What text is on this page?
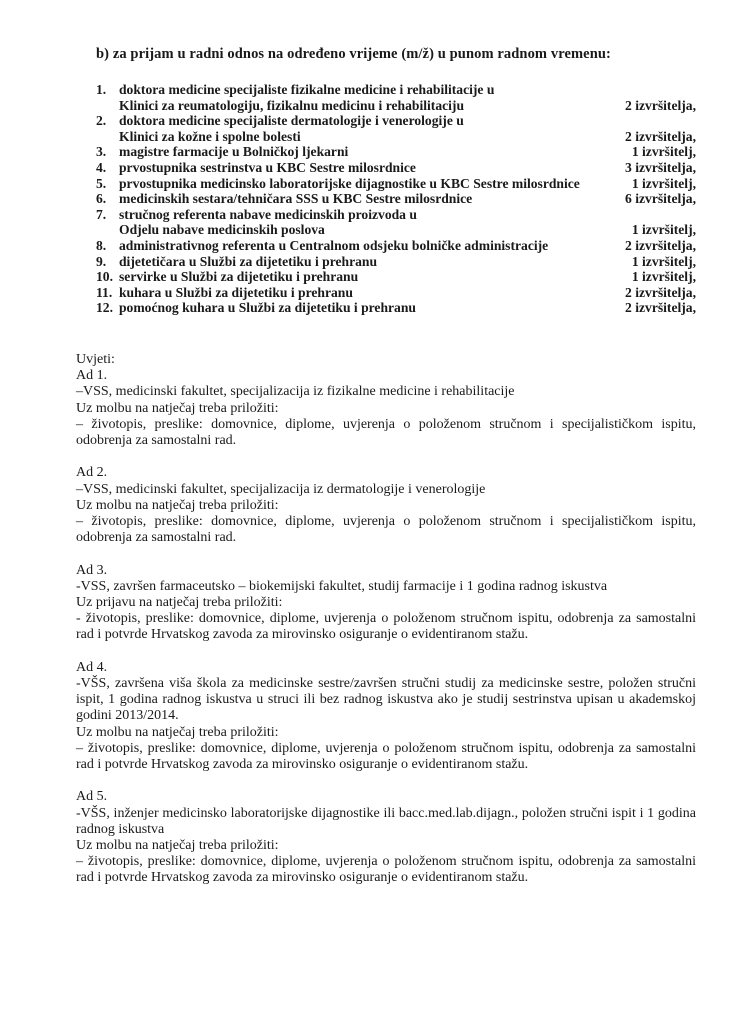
b) za prijam u radni odnos na određeno vrijeme (m/ž) u punom radnom vremenu:
1. doktora medicine specijaliste fizikalne medicine i rehabilitacije u
Klinici za reumatologiju, fizikalnu medicinu i rehabilitaciju	2 izvršitelja,
2. doktora medicine specijaliste dermatologije i venerologije u
Klinici za kožne i spolne bolesti	2 izvršitelja,
3. magistre farmacije u Bolničkoj ljekarni	1 izvršitelj,
4. prvostupnika sestrinstva u KBC Sestre milosrdnice	3 izvršitelja,
5. prvostupnika medicinsko laboratorijske dijagnostike u KBC Sestre milosrdnice	1 izvršitelj,
6. medicinskih sestara/tehničara SSS u KBC Sestre milosrdnice	6 izvršitelja,
7. stručnog referenta nabave medicinskih proizvoda u
Odjelu nabave medicinskih poslova	1 izvršitelj,
8. administrativnog referenta u Centralnom odsjeku bolničke administracije	2 izvršitelja,
9. dijetetičara u Službi za dijetetiku i prehranu	1 izvršitelj,
10. servirke u Službi za dijetetiku i prehranu	1 izvršitelj,
11. kuhara u Službi za dijetetiku i prehranu	2 izvršitelja,
12. pomoćnog kuhara u Službi za dijetetiku i prehranu	2 izvršitelja,

Uvjeti:

Ad 1.

–VSS, medicinski fakultet, specijalizacija iz fizikalne medicine i rehabilitacije

Uz molbu na natječaj treba priložiti:

– životopis, preslike: domovnice, diplome, uvjerenja o položenom stručnom i specijalističkom ispitu, odobrenja za samostalni rad.

Ad 2.

–VSS, medicinski fakultet, specijalizacija iz dermatologije i venerologije

Uz molbu na natječaj treba priložiti:

– životopis, preslike: domovnice, diplome, uvjerenja o položenom stručnom i specijalističkom ispitu, odobrenja za samostalni rad.

Ad 3.

-VSS, završen farmaceutsko – biokemijski fakultet, studij farmacije i 1 godina radnog iskustva

Uz prijavu na natječaj treba priložiti:

- životopis, preslike: domovnice, diplome, uvjerenja o položenom stručnom ispitu, odobrenja za samostalni rad i potvrde Hrvatskog zavoda za mirovinsko osiguranje o evidentiranom stažu.

Ad 4.

-VŠS, završena viša škola za medicinske sestre/završen stručni studij za medicinske sestre, položen stručni ispit, 1 godina radnog iskustva u struci ili bez radnog iskustva ako je studij sestrinstva upisan u akademskoj godini 2013/2014.

Uz molbu na natječaj treba priložiti:

– životopis, preslike: domovnice, diplome, uvjerenja o položenom stručnom ispitu, odobrenja za samostalni rad i potvrde Hrvatskog zavoda za mirovinsko osiguranje o evidentiranom stažu.

Ad 5.

-VŠS, inženjer medicinsko laboratorijske dijagnostike ili bacc.med.lab.dijagn., položen stručni ispit i 1 godina radnog iskustva

Uz molbu na natječaj treba priložiti:

– životopis, preslike: domovnice, diplome, uvjerenja o položenom stručnom ispitu, odobrenja za samostalni rad i potvrde Hrvatskog zavoda za mirovinsko osiguranje o evidentiranom stažu.
